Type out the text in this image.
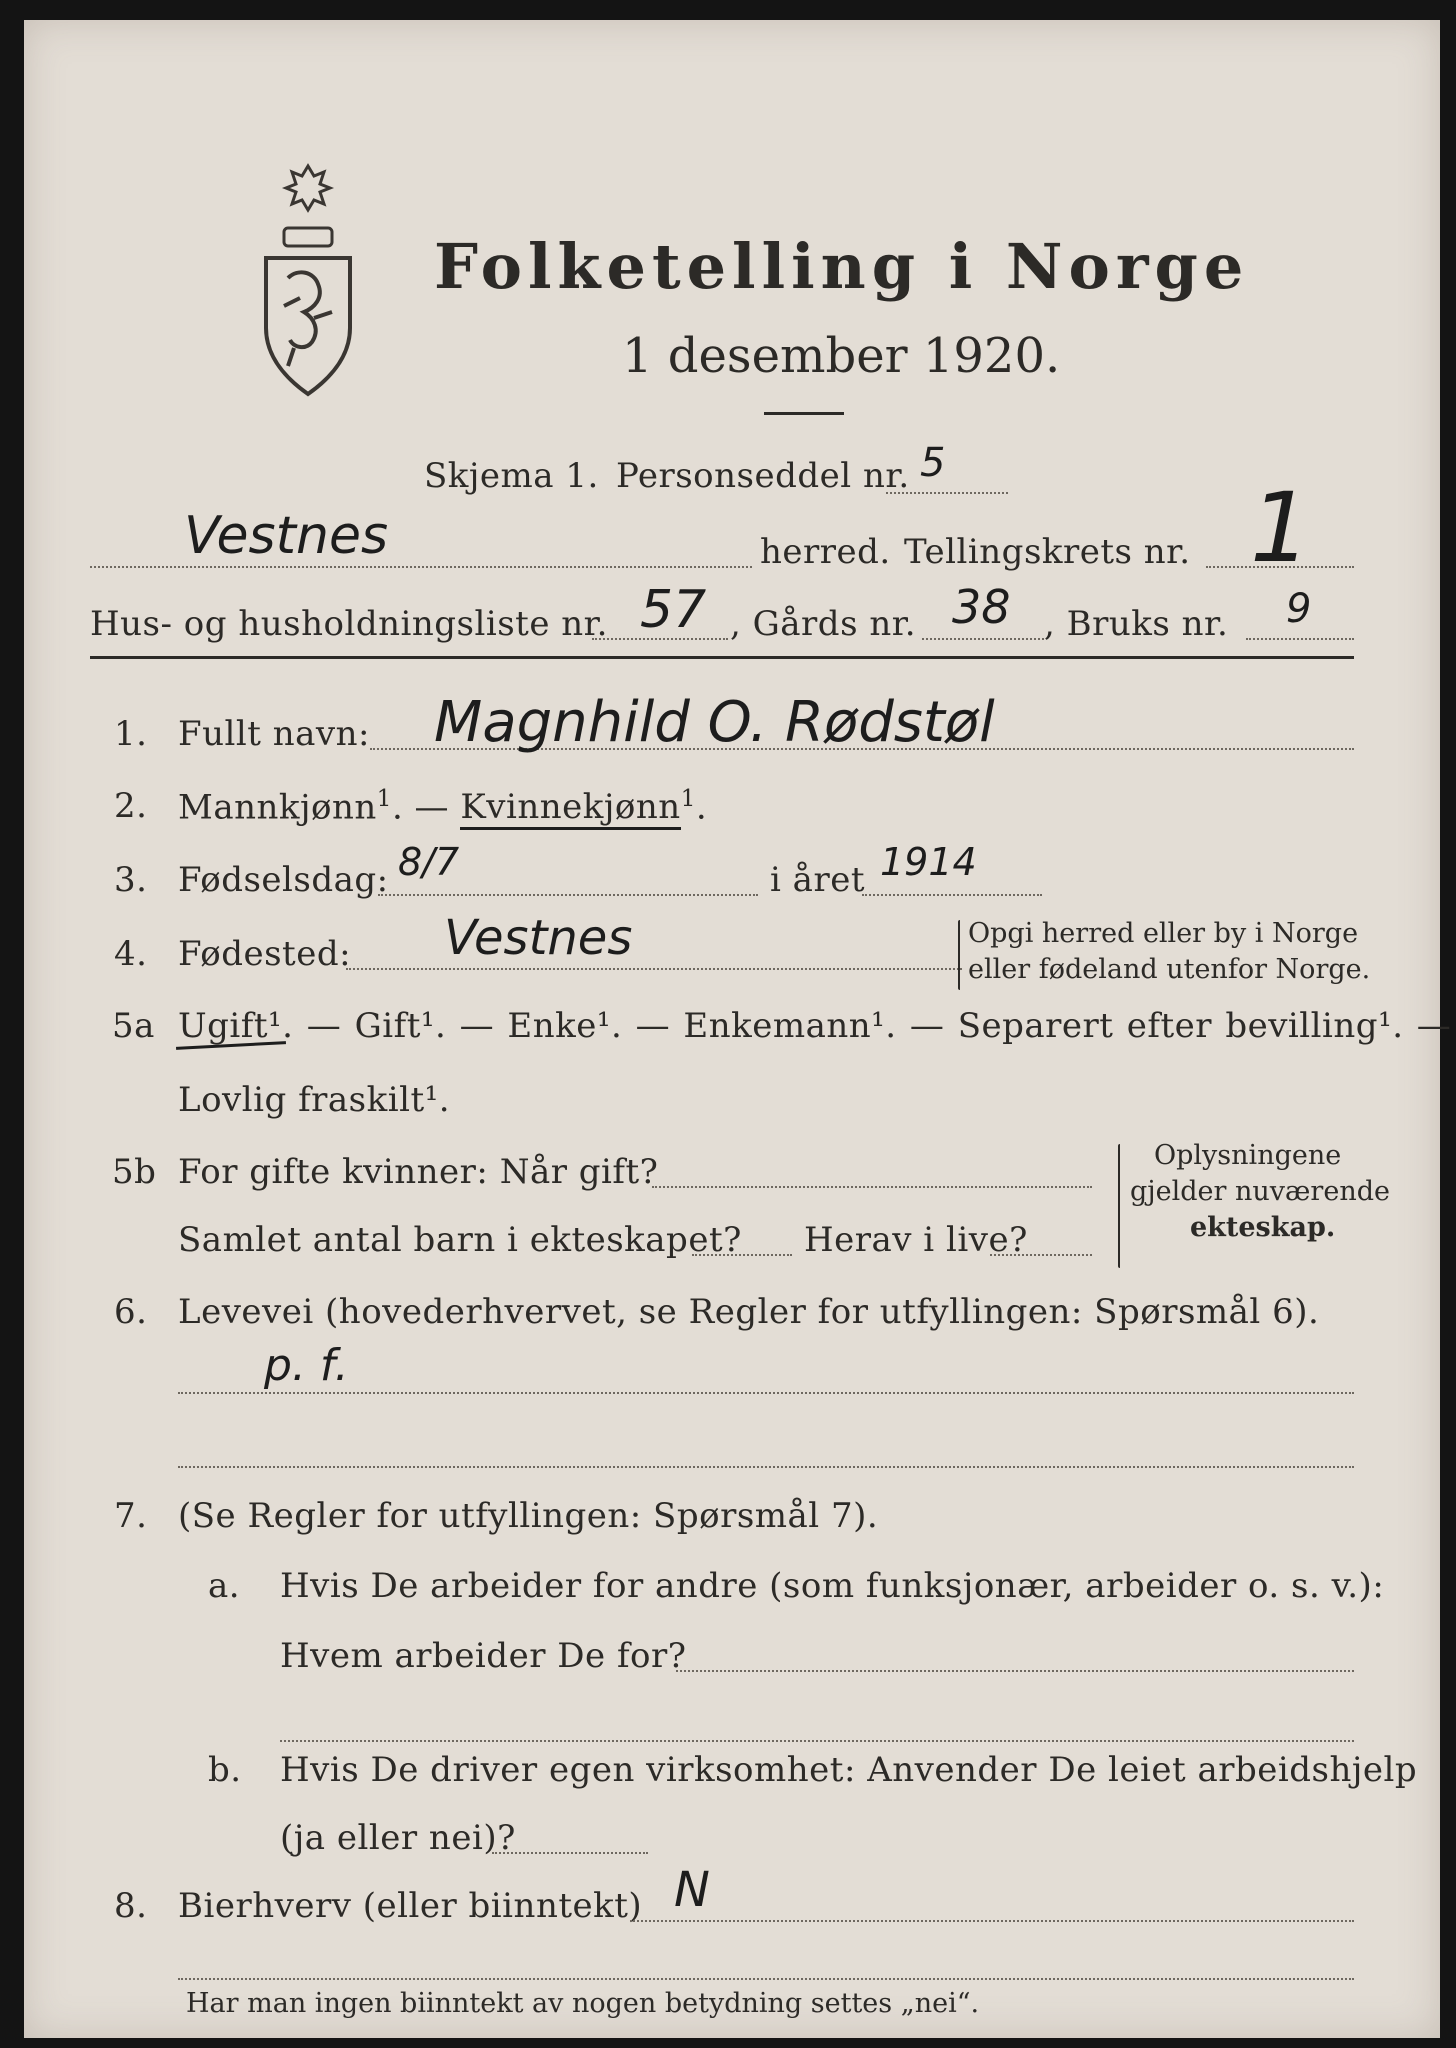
Folketelling i Norge
1 desember 1920.
Skjema 1. Personseddel nr. 5
Vestnes	herred. Tellingskrets nr. 1
Hus- og husholdningsliste nr. 57 , Gårds nr. 38 , Bruks nr. 9
1. Fullt navn: Magnhild O. Rødstøl
2. Mannkjønn$^1$. — Kvinnekjønn$^1$.
3. Fødselsdag: 8/7	i året 1914
4. Fødested: Vestnes	Opgi herred eller by i Norge
eller fødeland utenfor Norge.
5a Ugift¹. — Gift¹. — Enke¹. — Enkemann¹. — Separert efter bevilling¹. —
Lovlig fraskilt¹.
5b For gifte kvinner: Når gift?
Samlet antal barn i ekteskapet? Herav i live?
Oplysningene
gjelder nuværende
ekteskap.
6. Levevei (hovederhvervet, se Regler for utfyllingen: Spørsmål 6).
p. f.
7. (Se Regler for utfyllingen: Spørsmål 7).
a. Hvis De arbeider for andre (som funksjonær, arbeider o. s. v.):
Hvem arbeider De for?
b. Hvis De driver egen virksomhet: Anvender De leiet arbeidshjelp
(ja eller nei)?
8. Bierhverv (eller biinntekt) N
Har man ingen biinntekt av nogen betydning settes „nei“.
